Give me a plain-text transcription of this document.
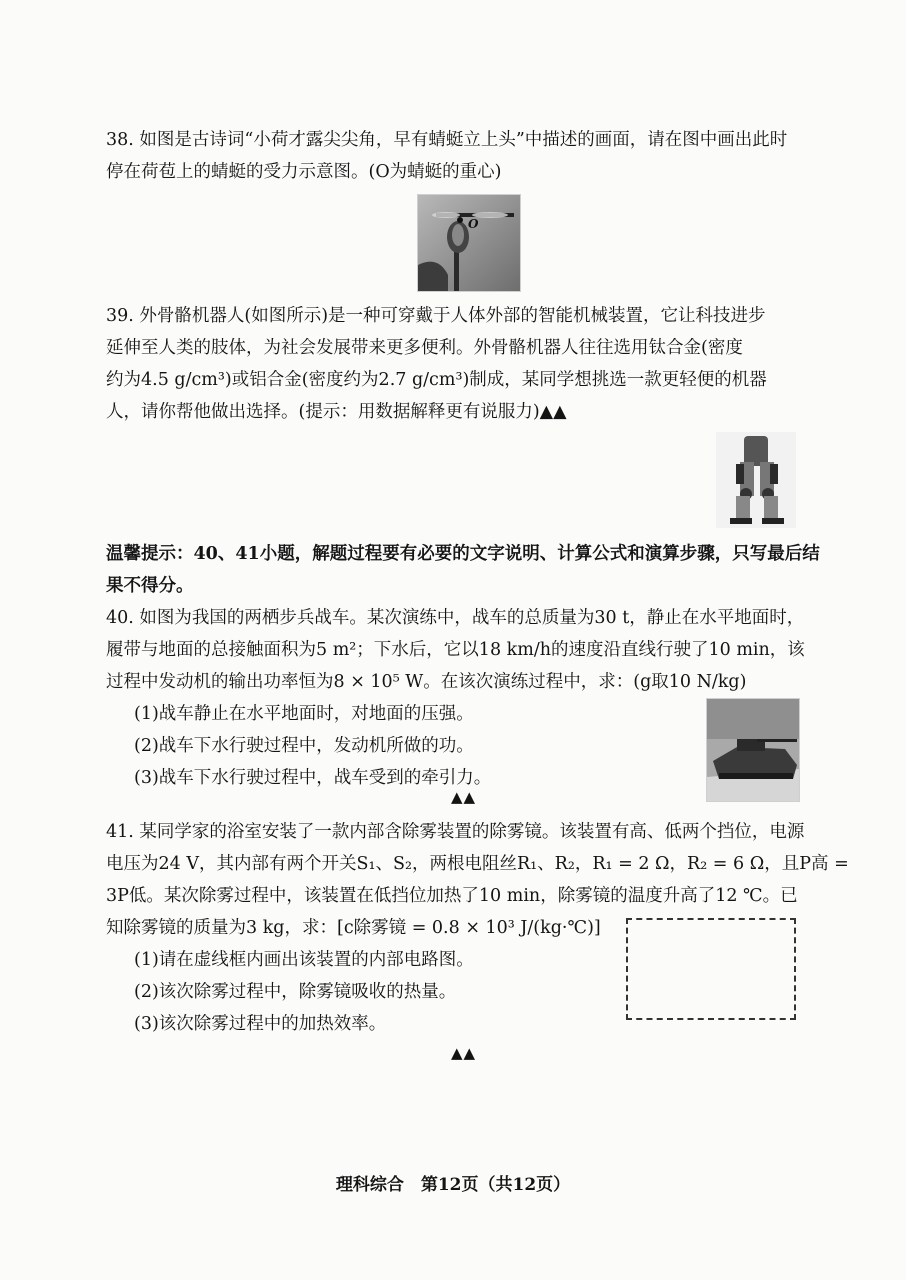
38. 如图是古诗词“小荷才露尖尖角，早有蜻蜓立上头”中描述的画面，请在图中画出此时
停在荷苞上的蜻蜓的受力示意图。(O为蜻蜓的重心)
O
39. 外骨骼机器人(如图所示)是一种可穿戴于人体外部的智能机械装置，它让科技进步
延伸至人类的肢体，为社会发展带来更多便利。外骨骼机器人往往选用钛合金(密度
约为4.5 g/cm³)或铝合金(密度约为2.7 g/cm³)制成，某同学想挑选一款更轻便的机器
人，请你帮他做出选择。(提示：用数据解释更有说服力)▲▲
温馨提示：40、41小题，解题过程要有必要的文字说明、计算公式和演算步骤，只写最后结
果不得分。
40. 如图为我国的两栖步兵战车。某次演练中，战车的总质量为30 t，静止在水平地面时，
履带与地面的总接触面积为5 m²；下水后，它以18 km/h的速度沿直线行驶了10 min，该
过程中发动机的输出功率恒为8 × 10⁵ W。在该次演练过程中，求：(g取10 N/kg)
(1)战车静止在水平地面时，对地面的压强。
(2)战车下水行驶过程中，发动机所做的功。
(3)战车下水行驶过程中，战车受到的牵引力。
▲▲
41. 某同学家的浴室安装了一款内部含除雾装置的除雾镜。该装置有高、低两个挡位，电源
电压为24 V，其内部有两个开关S₁、S₂，两根电阻丝R₁、R₂，R₁ = 2 Ω，R₂ = 6 Ω，且P高 =
3P低。某次除雾过程中，该装置在低挡位加热了10 min，除雾镜的温度升高了12 ℃。已
知除雾镜的质量为3 kg，求：[c除雾镜 = 0.8 × 10³ J/(kg·℃)]
(1)请在虚线框内画出该装置的内部电路图。
(2)该次除雾过程中，除雾镜吸收的热量。
(3)该次除雾过程中的加热效率。
▲▲
理科综合　第12页（共12页）
